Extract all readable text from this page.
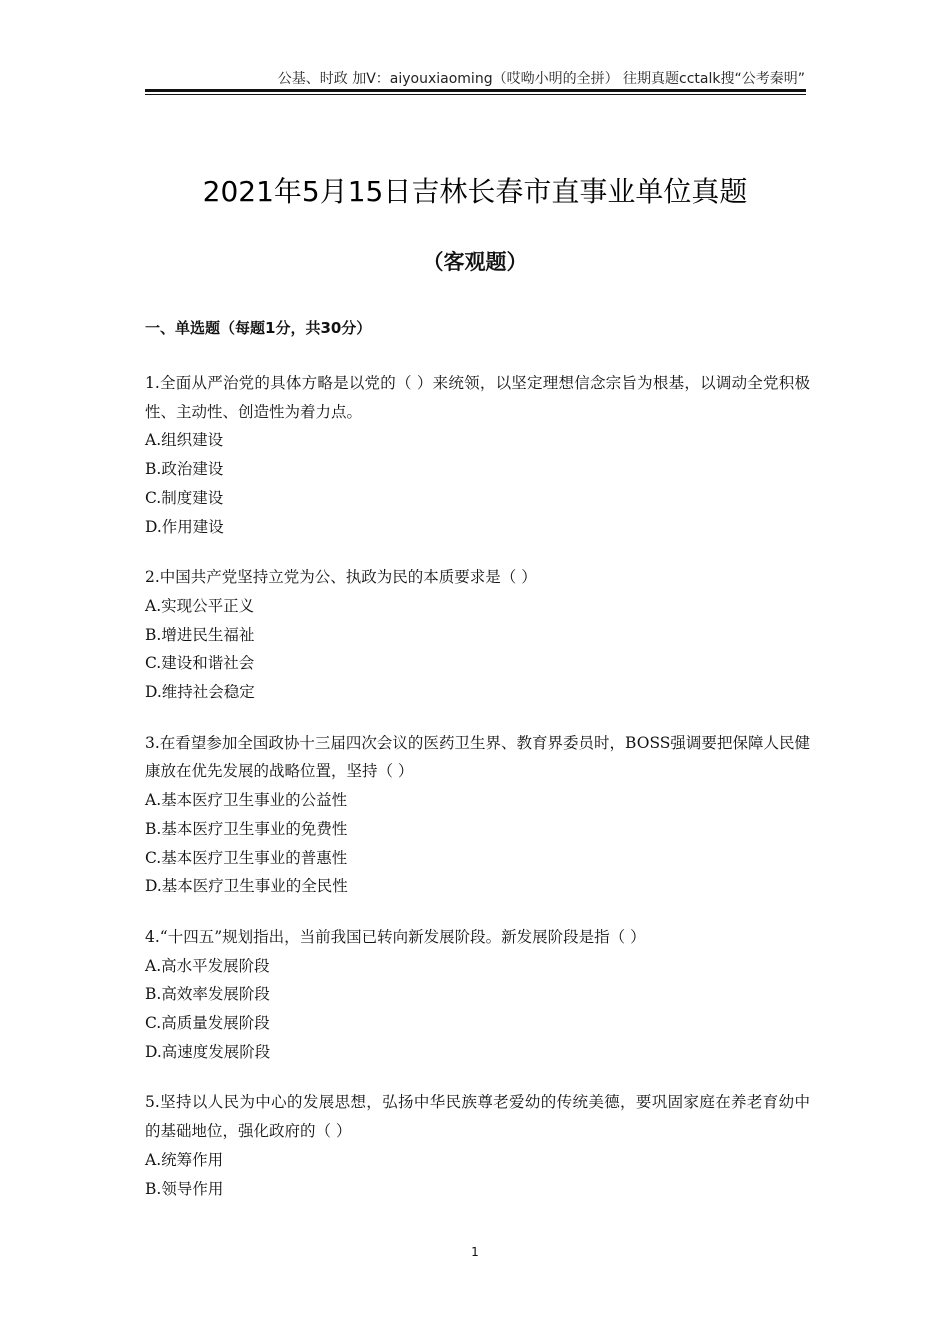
公基、时政 加V：aiyouxiaoming（哎呦小明的全拼） 往期真题cctalk搜“公考秦明”
2021年5月15日吉林长春市直事业单位真题
（客观题）
一、单选题（每题1分，共30分）

1.全面从严治党的具体方略是以党的（ ）来统领，以坚定理想信念宗旨为根基，以调动全党积极性、主动性、创造性为着力点。

A.组织建设

B.政治建设

C.制度建设

D.作用建设

2.中国共产党坚持立党为公、执政为民的本质要求是（ ）

A.实现公平正义

B.增进民生福祉

C.建设和谐社会

D.维持社会稳定

3.在看望参加全国政协十三届四次会议的医药卫生界、教育界委员时，BOSS强调要把保障人民健康放在优先发展的战略位置，坚持（ ）

A.基本医疗卫生事业的公益性

B.基本医疗卫生事业的免费性

C.基本医疗卫生事业的普惠性

D.基本医疗卫生事业的全民性

4.“十四五”规划指出，当前我国已转向新发展阶段。新发展阶段是指（ ）

A.高水平发展阶段

B.高效率发展阶段

C.高质量发展阶段

D.高速度发展阶段

5.坚持以人民为中心的发展思想，弘扬中华民族尊老爱幼的传统美德，要巩固家庭在养老育幼中的基础地位，强化政府的（ ）

A.统筹作用

B.领导作用

1
